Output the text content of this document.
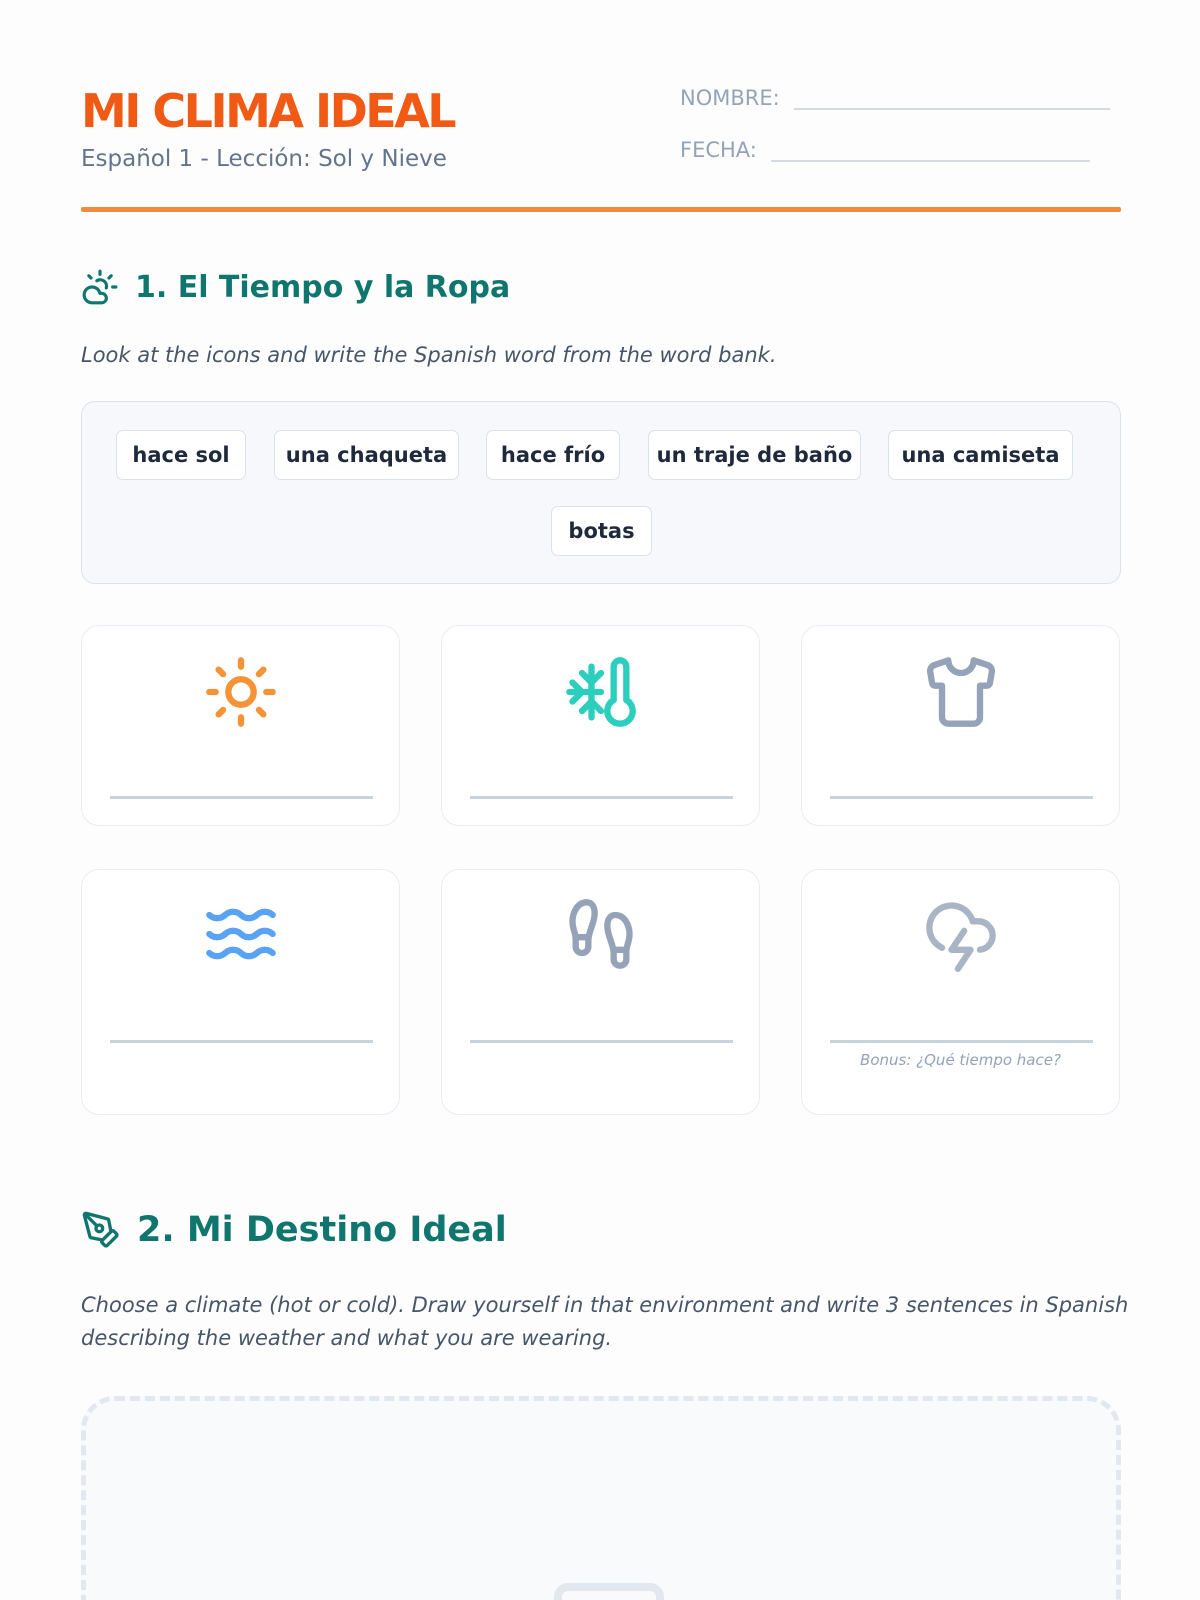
MI CLIMA IDEAL
Español 1 - Lección: Sol y Nieve
NOMBRE:
FECHA:
1. El Tiempo y la Ropa
Look at the icons and write the Spanish word from the word bank.
hace sol	una chaqueta	hace frío	un traje de baño	una camiseta
botas
Bonus: ¿Qué tiempo hace?
2. Mi Destino Ideal
Choose a climate (hot or cold). Draw yourself in that environment and write 3 sentences in Spanish describing the weather and what you are wearing.
